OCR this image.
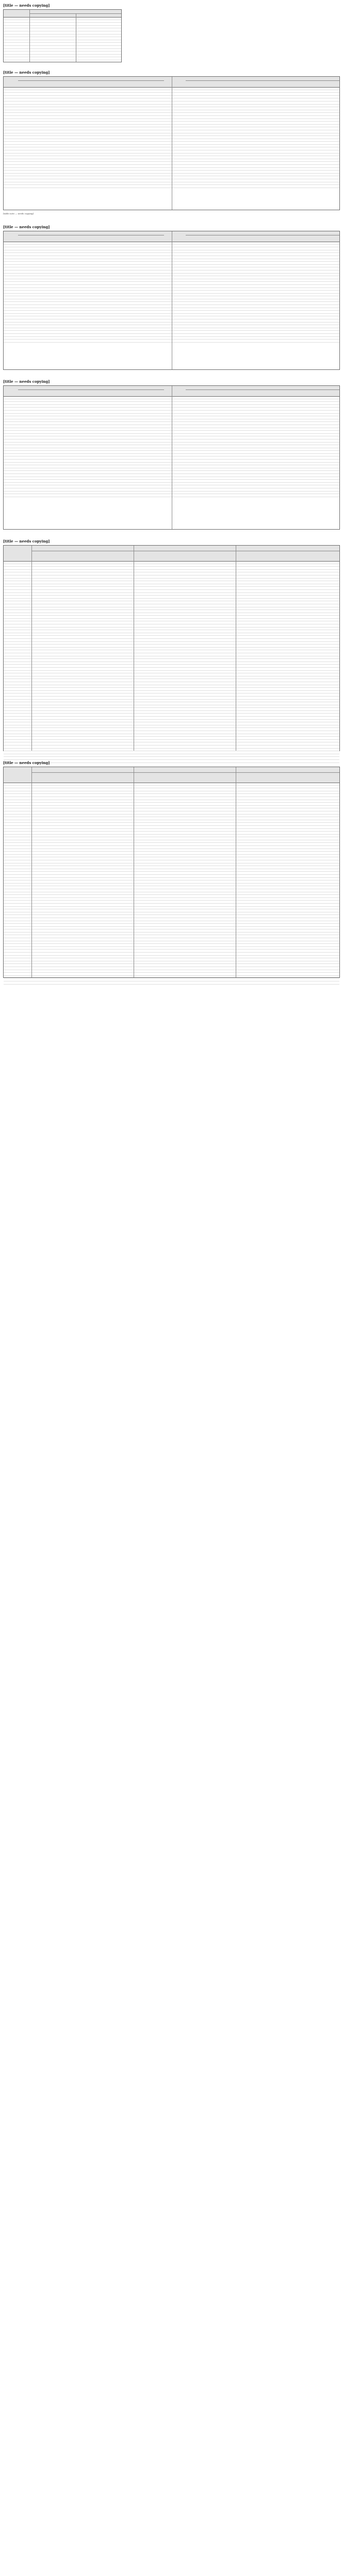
[title — needs copying]
[title — needs copying]
[table note — needs copying]
[title — needs copying]
[title — needs copying]
[title — needs copying]
[title — needs copying]
